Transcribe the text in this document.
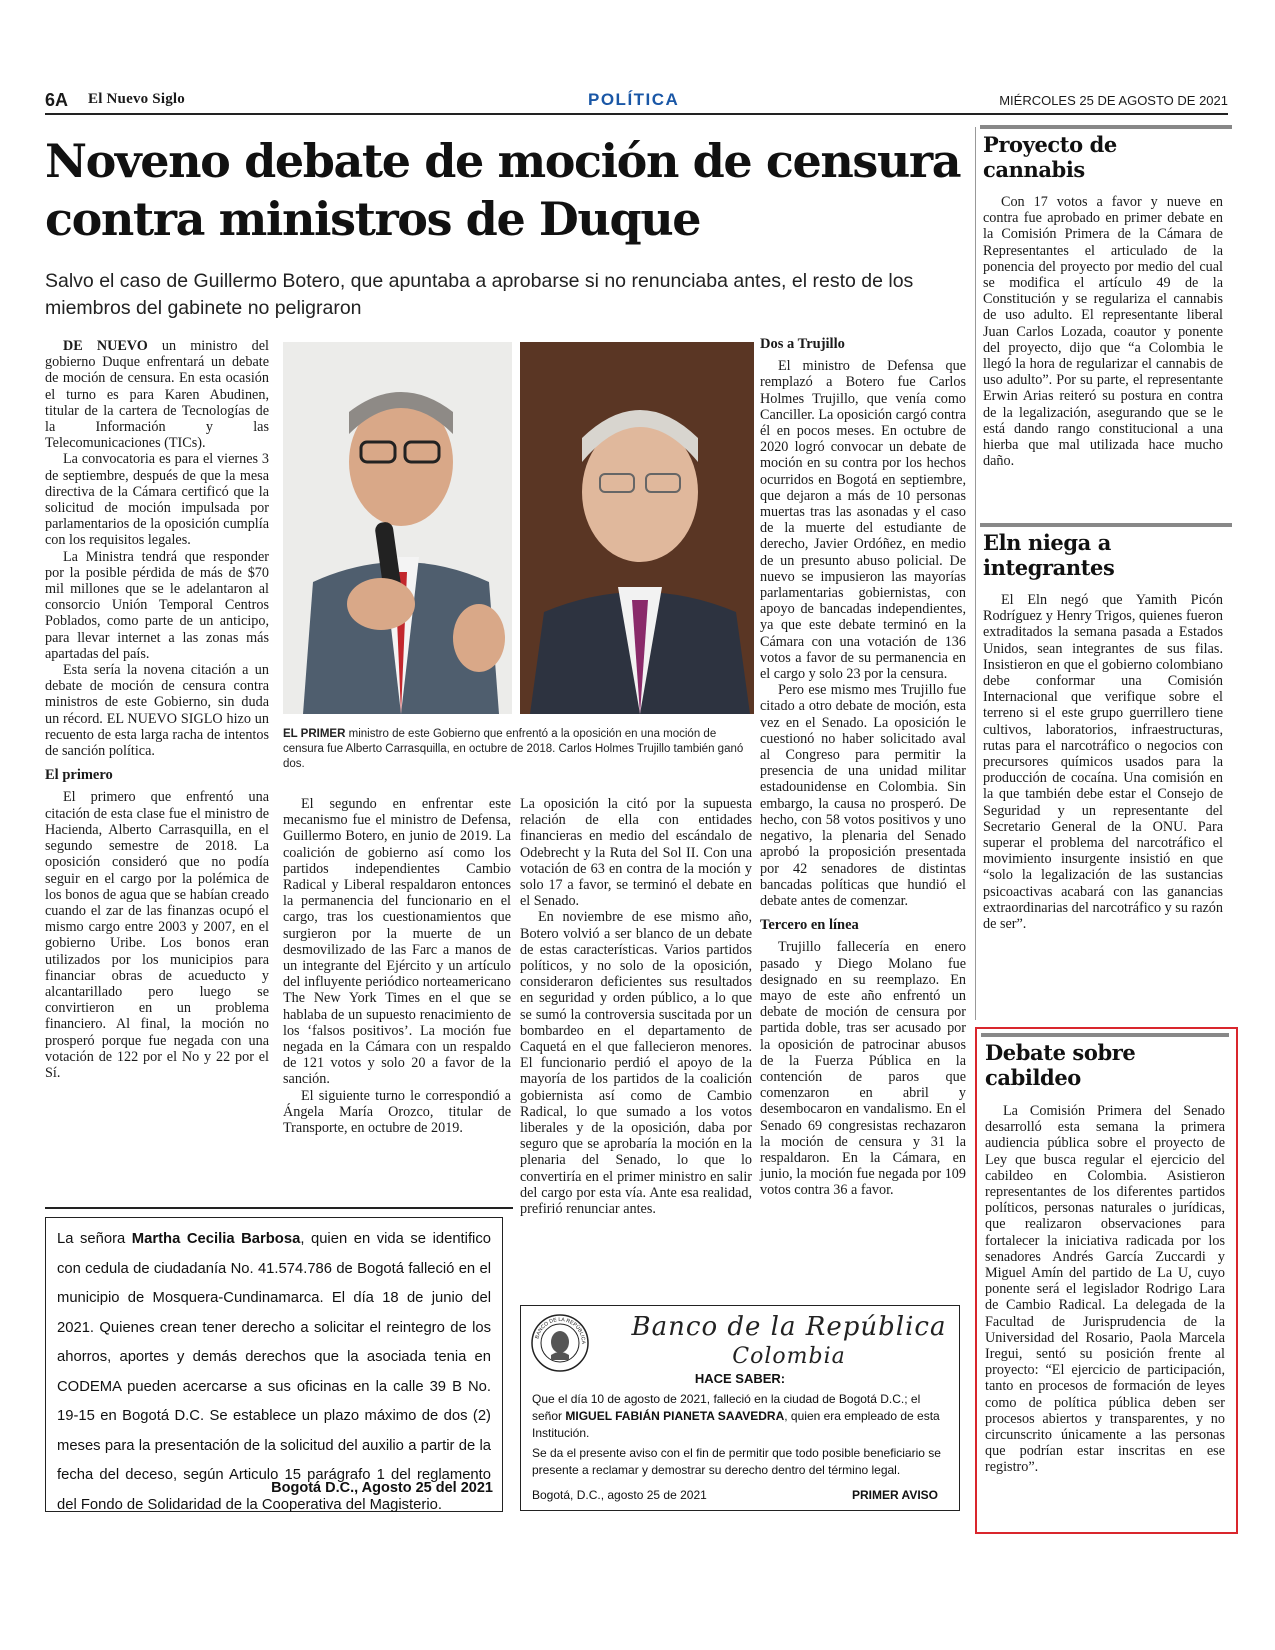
6A El Nuevo Siglo	POLÍTICA	MIÉRCOLES 25 DE AGOSTO DE 2021
Noveno debate de moción de censura contra ministros de Duque
Salvo el caso de Guillermo Botero, que apuntaba a aprobarse si no renunciaba antes, el resto de los miembros del gabinete no peligraron

DE NUEVO un ministro del gobierno Duque enfrentará un debate de moción de censura. En esta ocasión el turno es para Karen Abudinen, titular de la cartera de Tecnologías de la Información y las Telecomunicaciones (TICs).

La convocatoria es para el viernes 3 de septiembre, después de que la mesa directiva de la Cámara certificó que la solicitud de moción impulsada por parlamentarios de la oposición cumplía con los requisitos legales.

La Ministra tendrá que responder por la posible pérdida de más de $70 mil millones que se le adelantaron al consorcio Unión Temporal Centros Poblados, como parte de un anticipo, para llevar internet a las zonas más apartadas del país.

Esta sería la novena citación a un debate de moción de censura contra ministros de este Gobierno, sin duda un récord. EL NUEVO SIGLO hizo un recuento de esta larga racha de intentos de sanción política.

El primero

El primero que enfrentó una citación de esta clase fue el ministro de Hacienda, Alberto Carrasquilla, en el segundo semestre de 2018. La oposición consideró que no podía seguir en el cargo por la polémica de los bonos de agua que se habían creado cuando el zar de las finanzas ocupó el mismo cargo entre 2003 y 2007, en el gobierno Uribe. Los bonos eran utilizados por los municipios para financiar obras de acueducto y alcantarillado pero luego se convirtieron en un problema financiero. Al final, la moción no prosperó porque fue negada con una votación de 122 por el No y 22 por el Sí.

EL PRIMER ministro de este Gobierno que enfrentó a la oposición en una moción de censura fue Alberto Carrasquilla, en octubre de 2018. Carlos Holmes Trujillo también ganó dos.

El segundo en enfrentar este mecanismo fue el ministro de Defensa, Guillermo Botero, en junio de 2019. La coalición de gobierno así como los partidos independientes Cambio Radical y Liberal respaldaron entonces la permanencia del funcionario en el cargo, tras los cuestionamientos que surgieron por la muerte de un desmovilizado de las Farc a manos de un integrante del Ejército y un artículo del influyente periódico norteamericano The New York Times en el que se hablaba de un supuesto renacimiento de los ‘falsos positivos’. La moción fue negada en la Cámara con un respaldo de 121 votos y solo 20 a favor de la sanción.

El siguiente turno le correspondió a Ángela María Orozco, titular de Transporte, en octubre de 2019.

La oposición la citó por la supuesta relación de ella con entidades financieras en medio del escándalo de Odebrecht y la Ruta del Sol II. Con una votación de 63 en contra de la moción y solo 17 a favor, se terminó el debate en el Senado.

En noviembre de ese mismo año, Botero volvió a ser blanco de un debate de estas características. Varios partidos políticos, y no solo de la oposición, consideraron deficientes sus resultados en seguridad y orden público, a lo que se sumó la controversia suscitada por un bombardeo en el departamento de Caquetá en el que fallecieron menores. El funcionario perdió el apoyo de la mayoría de los partidos de la coalición gobiernista así como de Cambio Radical, lo que sumado a los votos liberales y de la oposición, daba por seguro que se aprobaría la moción en la plenaria del Senado, lo que lo convertiría en el primer ministro en salir del cargo por esta vía. Ante esa realidad, prefirió renunciar antes.

Dos a Trujillo

El ministro de Defensa que remplazó a Botero fue Carlos Holmes Trujillo, que venía como Canciller. La oposición cargó contra él en pocos meses. En octubre de 2020 logró convocar un debate de moción en su contra por los hechos ocurridos en Bogotá en septiembre, que dejaron a más de 10 personas muertas tras las asonadas y el caso de la muerte del estudiante de derecho, Javier Ordóñez, en medio de un presunto abuso policial. De nuevo se impusieron las mayorías parlamentarias gobiernistas, con apoyo de bancadas independientes, ya que este debate terminó en la Cámara con una votación de 136 votos a favor de su permanencia en el cargo y solo 23 por la censura.

Pero ese mismo mes Trujillo fue citado a otro debate de moción, esta vez en el Senado. La oposición le cuestionó no haber solicitado aval al Congreso para permitir la presencia de una unidad militar estadounidense en Colombia. Sin embargo, la causa no prosperó. De hecho, con 58 votos positivos y uno negativo, la plenaria del Senado aprobó la proposición presentada por 42 senadores de distintas bancadas políticas que hundió el debate antes de comenzar.

Tercero en línea

Trujillo fallecería en enero pasado y Diego Molano fue designado en su reemplazo. En mayo de este año enfrentó un debate de moción de censura por partida doble, tras ser acusado por la oposición de patrocinar abusos de la Fuerza Pública en la contención de paros que comenzaron en abril y desembocaron en vandalismo. En el Senado 69 congresistas rechazaron la moción de censura y 31 la respaldaron. En la Cámara, en junio, la moción fue negada por 109 votos contra 36 a favor.

Proyecto de cannabis

Con 17 votos a favor y nueve en contra fue aprobado en primer debate en la Comisión Primera de la Cámara de Representantes el articulado de la ponencia del proyecto por medio del cual se modifica el artículo 49 de la Constitución y se regulariza el cannabis de uso adulto. El representante liberal Juan Carlos Lozada, coautor y ponente del proyecto, dijo que “a Colombia le llegó la hora de regularizar el cannabis de uso adulto”. Por su parte, el representante Erwin Arias reiteró su postura en contra de la legalización, asegurando que se le está dando rango constitucional a una hierba que mal utilizada hace mucho daño.

Eln niega a integrantes

El Eln negó que Yamith Picón Rodríguez y Henry Trigos, quienes fueron extraditados la semana pasada a Estados Unidos, sean integrantes de sus filas. Insistieron en que el gobierno colombiano debe conformar una Comisión Internacional que verifique sobre el terreno si el este grupo guerrillero tiene cultivos, laboratorios, infraestructuras, rutas para el narcotráfico o negocios con precursores químicos usados para la producción de cocaína. Una comisión en la que también debe estar el Consejo de Seguridad y un representante del Secretario General de la ONU. Para superar el problema del narcotráfico el movimiento insurgente insistió en que “solo la legalización de las sustancias psicoactivas acabará con las ganancias extraordinarias del narcotráfico y su razón de ser”.

Debate sobre cabildeo

La Comisión Primera del Senado desarrolló esta semana la primera audiencia pública sobre el proyecto de Ley que busca regular el ejercicio del cabildeo en Colombia. Asistieron representantes de los diferentes partidos políticos, personas naturales o jurídicas, que realizaron observaciones para fortalecer la iniciativa radicada por los senadores Andrés García Zuccardi y Miguel Amín del partido de La U, cuyo ponente será el legislador Rodrigo Lara de Cambio Radical. La delegada de la Facultad de Jurisprudencia de la Universidad del Rosario, Paola Marcela Iregui, sentó su posición frente al proyecto: “El ejercicio de participación, tanto en procesos de formación de leyes como de política pública deben ser procesos abiertos y transparentes, y no circunscrito únicamente a las personas que podrían estar inscritas en ese registro”.

La señora Martha Cecilia Barbosa, quien en vida se identifico con cedula de ciudadanía No. 41.574.786 de Bogotá falleció en el municipio de Mosquera-Cundinamarca. El día 18 de junio del 2021. Quienes crean tener derecho a solicitar el reintegro de los ahorros, aportes y demás derechos que la asociada tenia en CODEMA pueden acercarse a sus oficinas en la calle 39 B No. 19-15 en Bogotá D.C. Se establece un plazo máximo de dos (2) meses para la presentación de la solicitud del auxilio a partir de la fecha del deceso, según Articulo 15 parágrafo 1 del reglamento del Fondo de Solidaridad de la Cooperativa del Magisterio.
Bogotá D.C., Agosto 25 del 2021
BANCO DE LA REPÚBLICA
Banco de la República
Colombia
HACE SABER:
Que el día 10 de agosto de 2021, falleció en la ciudad de Bogotá D.C.; el señor MIGUEL FABIÁN PIANETA SAAVEDRA, quien era empleado de esta Institución.
Se da el presente aviso con el fin de permitir que todo posible beneficiario se presente a reclamar y demostrar su derecho dentro del término legal.
Bogotá, D.C., agosto 25 de 2021	PRIMER AVISO
